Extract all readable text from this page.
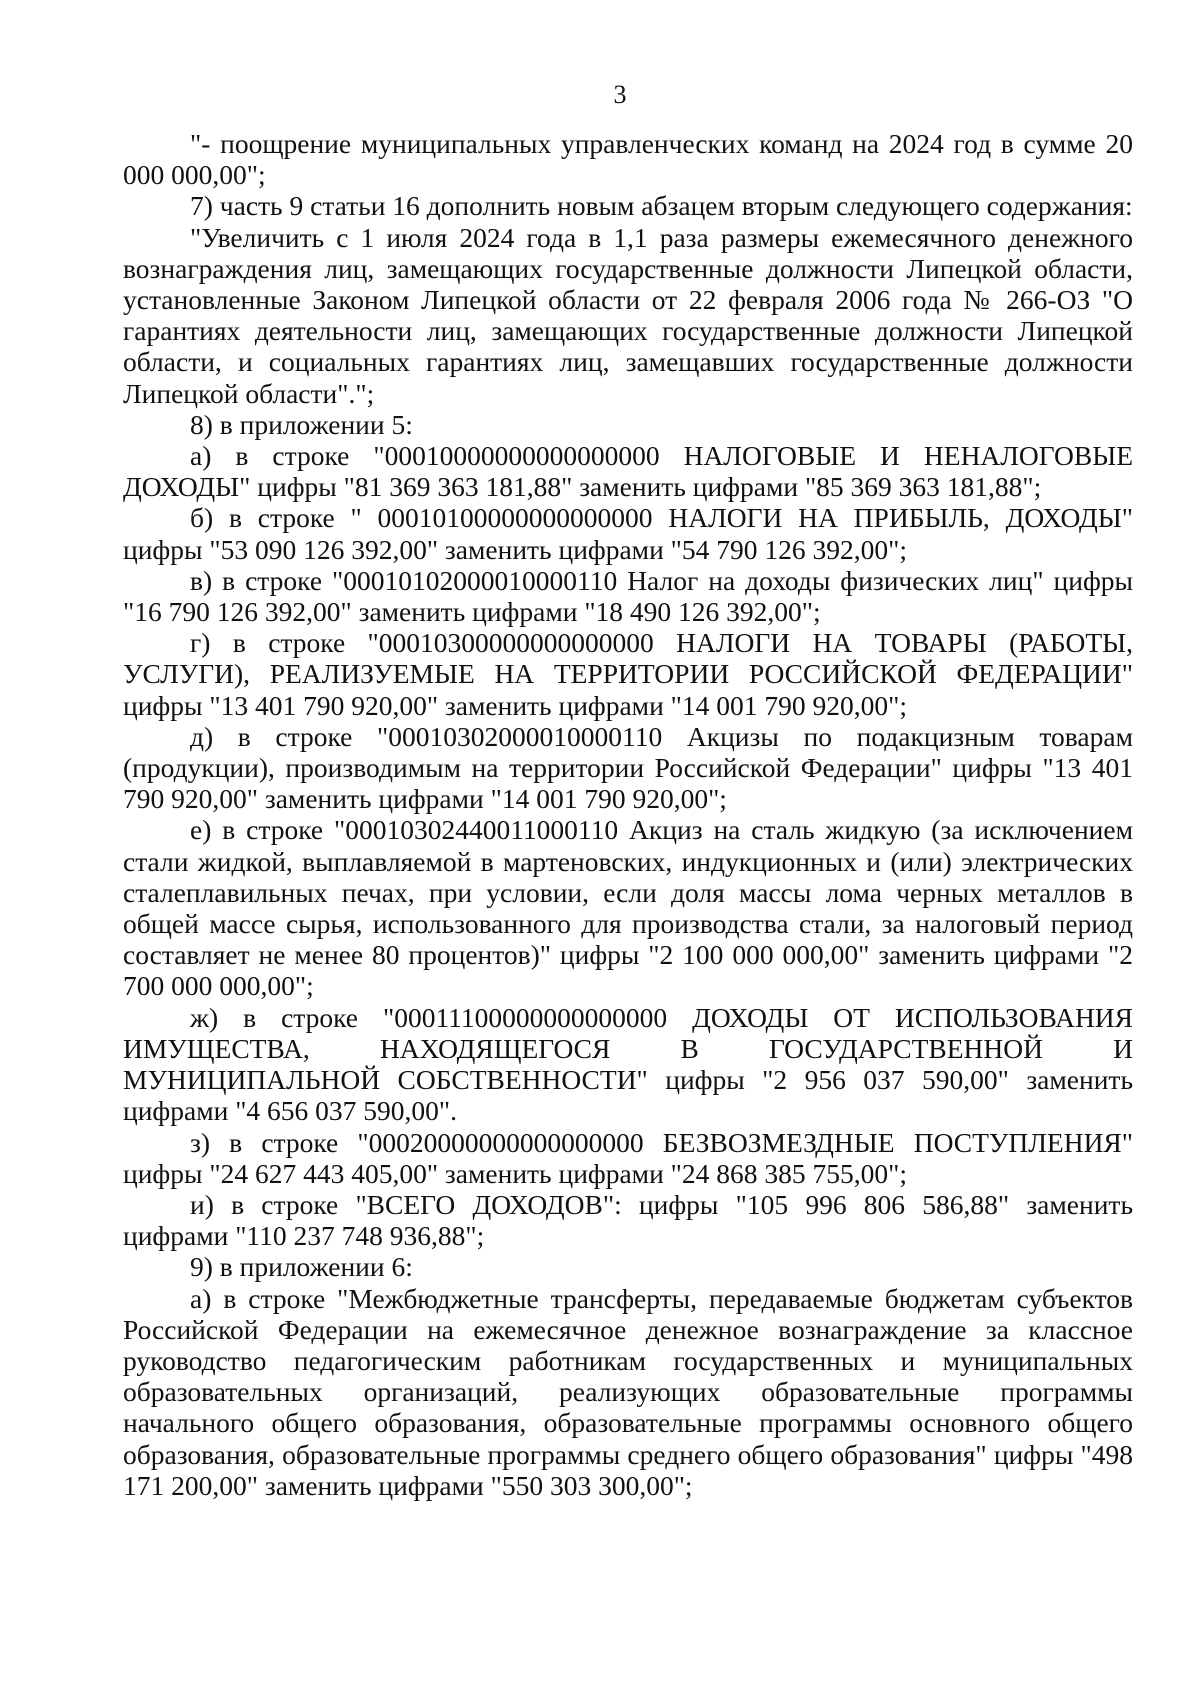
3

"- поощрение муниципальных управленческих команд на 2024 год в сумме 20 000 000,00";

7) часть 9 статьи 16 дополнить новым абзацем вторым следующего содержания:

"Увеличить с 1 июля 2024 года в 1,1 раза размеры ежемесячного денежного вознаграждения лиц, замещающих государственные должности Липецкой области, установленные Законом Липецкой области от 22 февраля 2006 года № 266-ОЗ "О гарантиях деятельности лиц, замещающих государственные должности Липецкой области, и социальных гарантиях лиц, замещавших государственные должности Липецкой области".";

8) в приложении 5:

а) в строке "00010000000000000000 НАЛОГОВЫЕ И НЕНАЛОГОВЫЕ ДОХОДЫ" цифры "81 369 363 181,88" заменить цифрами "85 369 363 181,88";

б) в строке " 00010100000000000000 НАЛОГИ НА ПРИБЫЛЬ, ДОХОДЫ" цифры "53 090 126 392,00" заменить цифрами "54 790 126 392,00";

в) в строке "00010102000010000110 Налог на доходы физических лиц" цифры "16 790 126 392,00" заменить цифрами "18 490 126 392,00";

г) в строке "00010300000000000000 НАЛОГИ НА ТОВАРЫ (РАБОТЫ, УСЛУГИ), РЕАЛИЗУЕМЫЕ НА ТЕРРИТОРИИ РОССИЙСКОЙ ФЕДЕРАЦИИ" цифры "13 401 790 920,00" заменить цифрами "14 001 790 920,00";

д) в строке "00010302000010000110 Акцизы по подакцизным товарам (продукции), производимым на территории Российской Федерации" цифры "13 401 790 920,00" заменить цифрами "14 001 790 920,00";

е) в строке "00010302440011000110 Акциз на сталь жидкую (за исключением стали жидкой, выплавляемой в мартеновских, индукционных и (или) электрических сталеплавильных печах, при условии, если доля массы лома черных металлов в общей массе сырья, использованного для производства стали, за налоговый период составляет не менее 80 процентов)" цифры "2 100 000 000,00" заменить цифрами "2 700 000 000,00";

ж) в строке "00011100000000000000 ДОХОДЫ ОТ ИСПОЛЬЗОВАНИЯ ИМУЩЕСТВА, НАХОДЯЩЕГОСЯ В ГОСУДАРСТВЕННОЙ И МУНИЦИПАЛЬНОЙ СОБСТВЕННОСТИ" цифры "2 956 037 590,00" заменить цифрами "4 656 037 590,00".

з) в строке "00020000000000000000 БЕЗВОЗМЕЗДНЫЕ ПОСТУПЛЕНИЯ" цифры "24 627 443 405,00" заменить цифрами "24 868 385 755,00";

и) в строке "ВСЕГО ДОХОДОВ": цифры "105 996 806 586,88" заменить цифрами "110 237 748 936,88";

9) в приложении 6:

а) в строке "Межбюджетные трансферты, передаваемые бюджетам субъектов Российской Федерации на ежемесячное денежное вознаграждение за классное руководство педагогическим работникам государственных и муниципальных образовательных организаций, реализующих образовательные программы начального общего образования, образовательные программы основного общего образования, образовательные программы среднего общего образования" цифры "498 171 200,00" заменить цифрами "550 303 300,00";
